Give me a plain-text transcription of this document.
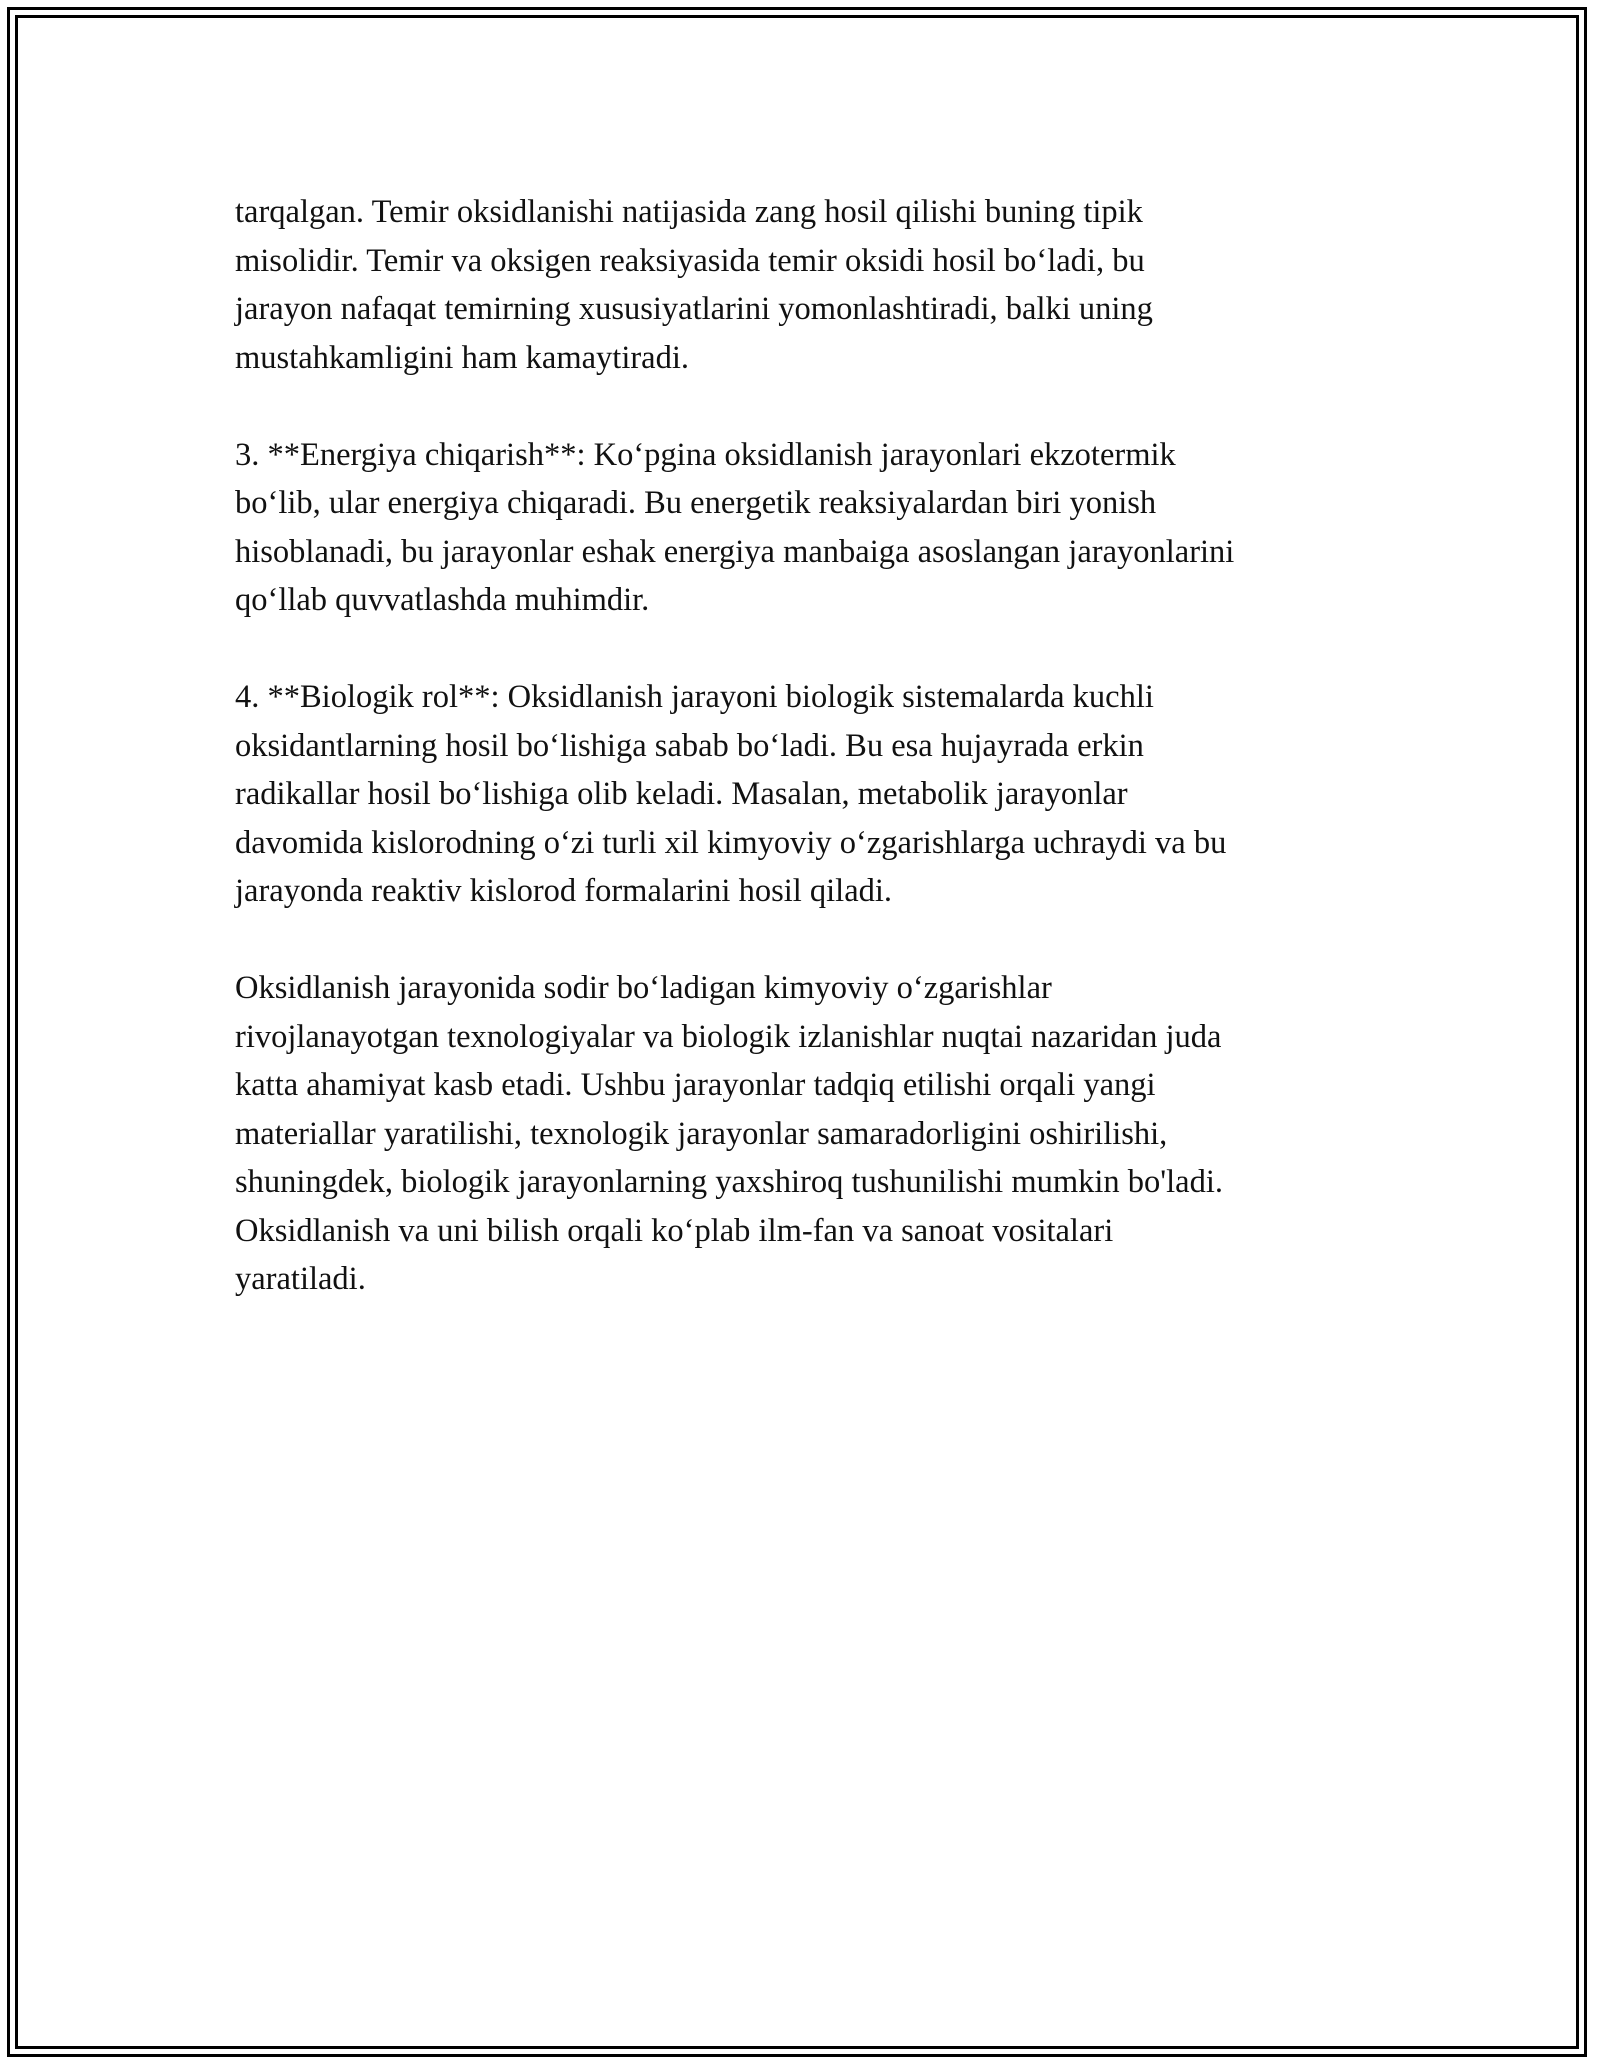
tarqalgan. Temir oksidlanishi natijasida zang hosil qilishi buning tipik
misolidir. Temir va oksigen reaksiyasida temir oksidi hosil bo‘ladi, bu
jarayon nafaqat temirning xususiyatlarini yomonlashtiradi, balki uning
mustahkamligini ham kamaytiradi.

3. **Energiya chiqarish**: Ko‘pgina oksidlanish jarayonlari ekzotermik
bo‘lib, ular energiya chiqaradi. Bu energetik reaksiyalardan biri yonish
hisoblanadi, bu jarayonlar eshak energiya manbaiga asoslangan jarayonlarini
qo‘llab quvvatlashda muhimdir.

4. **Biologik rol**: Oksidlanish jarayoni biologik sistemalarda kuchli
oksidantlarning hosil bo‘lishiga sabab bo‘ladi. Bu esa hujayrada erkin
radikallar hosil bo‘lishiga olib keladi. Masalan, metabolik jarayonlar
davomida kislorodning o‘zi turli xil kimyoviy o‘zgarishlarga uchraydi va bu
jarayonda reaktiv kislorod formalarini hosil qiladi.

Oksidlanish jarayonida sodir bo‘ladigan kimyoviy o‘zgarishlar
rivojlanayotgan texnologiyalar va biologik izlanishlar nuqtai nazaridan juda
katta ahamiyat kasb etadi. Ushbu jarayonlar tadqiq etilishi orqali yangi
materiallar yaratilishi, texnologik jarayonlar samaradorligini oshirilishi,
shuningdek, biologik jarayonlarning yaxshiroq tushunilishi mumkin bo'ladi.
Oksidlanish va uni bilish orqali ko‘plab ilm-fan va sanoat vositalari
yaratiladi.
